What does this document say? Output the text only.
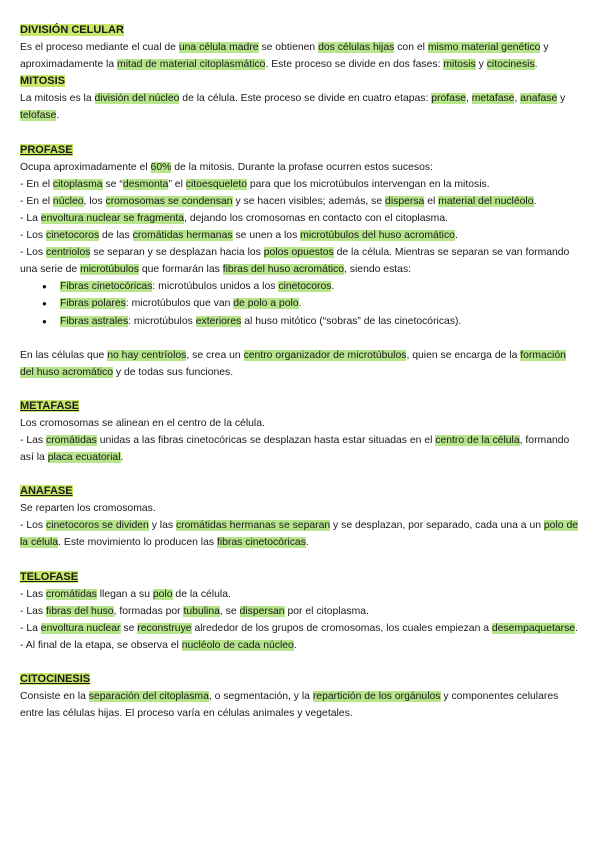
DIVISIÓN CELULAR

Es el proceso mediante el cual de una célula madre se obtienen dos células hijas con el mismo material genético y aproximadamente la mitad de material citoplasmático. Este proceso se divide en dos fases: mitosis y citocinesis.

MITOSIS

La mitosis es la división del núcleo de la célula. Este proceso se divide en cuatro etapas: profase, metafase, anafase y telofase.

PROFASE

Ocupa aproximadamente el 60% de la mitosis. Durante la profase ocurren estos sucesos:

- En el citoplasma se “desmonta” el citoesqueleto para que los microtúbulos intervengan en la mitosis.

- En el núcleo, los cromosomas se condensan y se hacen visibles; además, se dispersa el material del nucléolo.

- La envoltura nuclear se fragmenta, dejando los cromosomas en contacto con el citoplasma.

- Los cinetocoros de las cromátidas hermanas se unen a los microtúbulos del huso acromático.

- Los centriolos se separan y se desplazan hacia los polos opuestos de la célula. Mientras se separan se van formando una serie de microtúbulos que formarán las fibras del huso acromático, siendo estas:

● Fibras cinetocóricas: microtúbulos unidos a los cinetocoros.
● Fibras polares: microtúbulos que van de polo a polo.
● Fibras astrales: microtúbulos exteriores al huso mitótico (“sobras” de las cinetocóricas).

En las células que no hay centríolos, se crea un centro organizador de microtúbulos, quien se encarga de la formación del huso acromático y de todas sus funciones.

METAFASE

Los cromosomas se alinean en el centro de la célula.

- Las cromátidas unidas a las fibras cinetocóricas se desplazan hasta estar situadas en el centro de la célula, formando así la placa ecuatorial.

ANAFASE

Se reparten los cromosomas.

- Los cinetocoros se dividen y las cromátidas hermanas se separan y se desplazan, por separado, cada una a un polo de la célula. Este movimiento lo producen las fibras cinetocóricas.

TELOFASE

- Las cromátidas llegan a su polo de la célula.

- Las fibras del huso, formadas por tubulina, se dispersan por el citoplasma.

- La envoltura nuclear se reconstruye alrededor de los grupos de cromosomas, los cuales empiezan a desempaquetarse.

- Al final de la etapa, se observa el nucléolo de cada núcleo.

CITOCINESIS

Consiste en la separación del citoplasma, o segmentación, y la repartición de los orgánulos y componentes celulares entre las células hijas. El proceso varía en células animales y vegetales.
